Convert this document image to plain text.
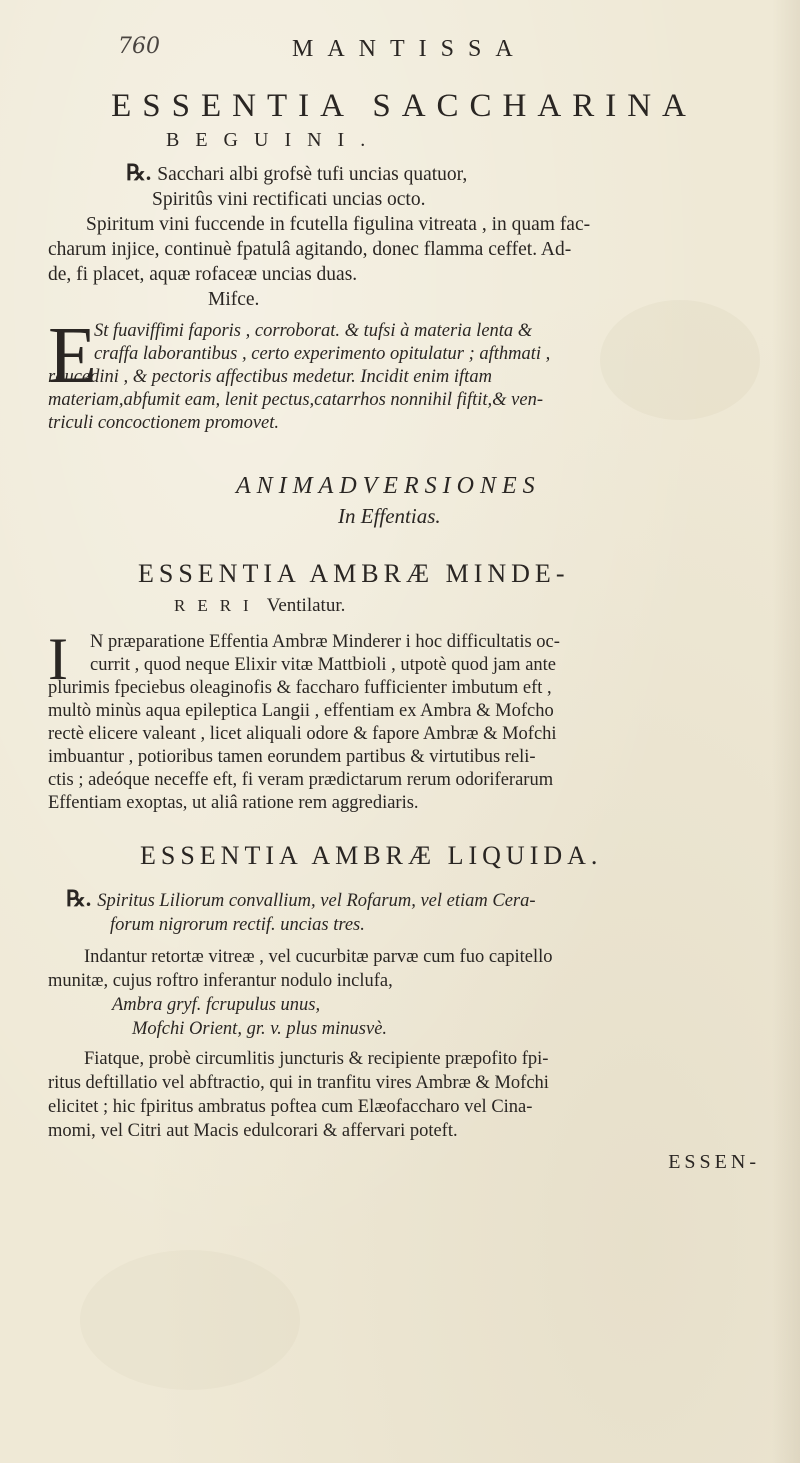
760	MANTISSA
ESSENTIA SACCHARINA
BEGUINI.
℞. Sacchari albi grofsè tufi uncias quatuor,
Spiritûs vini rectificati uncias octo.
Spiritum vini fuccende in fcutella figulina vitreata , in quam fac-
charum injice, continuè fpatulâ agitando, donec flamma ceffet. Ad-
de, fi placet, aquæ rofaceæ uncias duas.
Mifce.
E
St fuaviffimi faporis , corroborat. & tufsi à materia lenta &
craffa laborantibus , certo experimento opitulatur ; afthmati ,
raucedini , & pectoris affectibus medetur. Incidit enim iftam
materiam,abfumit eam, lenit pectus,catarrhos nonnihil fiftit,& ven-
triculi concoctionem promovet.
ANIMADVERSIONES
In Effentias.
ESSENTIA AMBRÆ MINDE-
RERI Ventilatur.
I N præparatione Effentia Ambræ Minderer i hoc difficultatis oc-
currit , quod neque Elixir vitæ Mattbioli , utpotè quod jam ante
plurimis fpeciebus oleaginofis & faccharo fufficienter imbutum eft ,
multò minùs aqua epileptica Langii , effentiam ex Ambra & Mofcho
rectè elicere valeant , licet aliquali odore & fapore Ambræ & Mofchi
imbuantur , potioribus tamen eorundem partibus & virtutibus reli-
ctis ; adeóque neceffe eft, fi veram prædictarum rerum odoriferarum
Effentiam exoptas, ut aliâ ratione rem aggrediaris.
ESSENTIA AMBRÆ LIQUIDA.
℞. Spiritus Liliorum convallium, vel Rofarum, vel etiam Cera-
forum nigrorum rectif. uncias tres.
Indantur retortæ vitreæ , vel cucurbitæ parvæ cum fuo capitello
munitæ, cujus roftro inferantur nodulo inclufa,
Ambra gryf. fcrupulus unus,
Mofchi Orient, gr. v. plus minusvè.
Fiatque, probè circumlitis juncturis & recipiente præpofito fpi-
ritus deftillatio vel abftractio, qui in tranfitu vires Ambræ & Mofchi
elicitet ; hic fpiritus ambratus poftea cum Elæofaccharo vel Cina-
momi, vel Citri aut Macis edulcorari & affervari poteft.
ESSEN-
